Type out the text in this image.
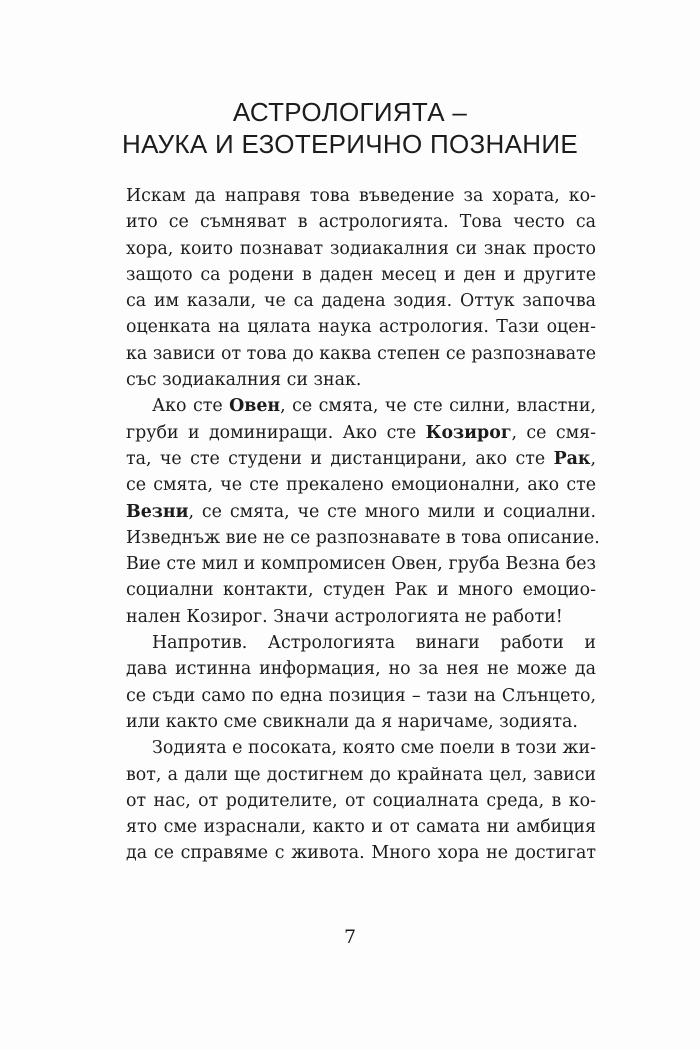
АСТРОЛОГИЯТА –
НАУКА И ЕЗОТЕРИЧНО ПОЗНАНИЕ
Искам да направя това въведение за хората, ко-
ито се съмняват в астрологията. Това често са
хора, които познават зодиакалния си знак просто
защото са родени в даден месец и ден и другите
са им казали, че са дадена зодия. Оттук започва
оценката на цялата наука астрология. Тази оцен-
ка зависи от това до каква степен се разпознавате
със зодиакалния си знак.
Ако сте Овен, се смята, че сте силни, властни,
груби и доминиращи. Ако сте Козирог, се смя-
та, че сте студени и дистанцирани, ако сте Рак,
се смята, че сте прекалено емоционални, ако сте
Везни, се смята, че сте много мили и социални.
Изведнъж вие не се разпознавате в това описание.
Вие сте мил и компромисен Овен, груба Везна без
социални контакти, студен Рак и много емоцио-
нален Козирог. Значи астрологията не работи!
Напротив. Астрологията винаги работи и
дава истинна информация, но за нея не може да
се съди само по една позиция – тази на Слънцето,
или както сме свикнали да я наричаме, зодията.
Зодията е посоката, която сме поели в този жи-
вот, а дали ще достигнем до крайната цел, зависи
от нас, от родителите, от социалната среда, в ко-
ято сме израснали, както и от самата ни амбиция
да се справяме с живота. Много хора не достигат
7
